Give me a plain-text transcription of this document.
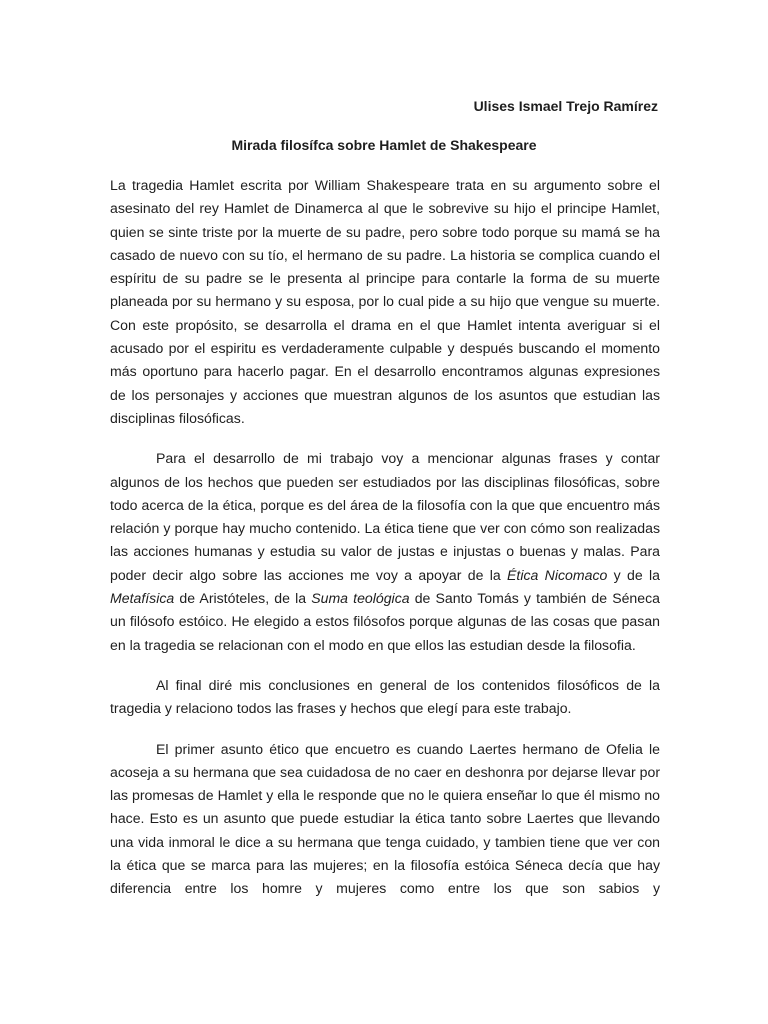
Ulises Ismael Trejo Ramírez

Mirada filosífca sobre Hamlet de Shakespeare

La tragedia Hamlet escrita por William Shakespeare trata en su argumento sobre el asesinato del rey Hamlet de Dinamerca al que le sobrevive su hijo el principe Hamlet, quien se sinte triste por la muerte de su padre, pero sobre todo porque su mamá se ha casado de nuevo con su tío, el hermano de su padre. La historia se complica cuando el espíritu de su padre se le presenta al principe para contarle la forma de su muerte planeada por su hermano y su esposa, por lo cual pide a su hijo que vengue su muerte. Con este propósito, se desarrolla el drama en el que Hamlet intenta averiguar si el acusado por el espiritu es verdaderamente culpable y después buscando el momento más oportuno para hacerlo pagar. En el desarrollo encontramos algunas expresiones de los personajes y acciones que muestran algunos de los asuntos que estudian las disciplinas filosóficas.

Para el desarrollo de mi trabajo voy a mencionar algunas frases y contar algunos de los hechos que pueden ser estudiados por las disciplinas filosóficas, sobre todo acerca de la ética, porque es del área de la filosofía con la que que encuentro más relación y porque hay mucho contenido. La ética tiene que ver con cómo son realizadas las acciones humanas y estudia su valor de justas e injustas o buenas y malas. Para poder decir algo sobre las acciones me voy a apoyar de la Ética Nicomaco y de la Metafísica de Aristóteles, de la Suma teológica de Santo Tomás y también de Séneca un filósofo estóico. He elegido a estos filósofos porque algunas de las cosas que pasan en la tragedia se relacionan con el modo en que ellos las estudian desde la filosofia.

Al final diré mis conclusiones en general de los contenidos filosóficos de la tragedia y relaciono todos las frases y hechos que elegí para este trabajo.

El primer asunto ético que encuetro es cuando Laertes hermano de Ofelia le acoseja a su hermana que sea cuidadosa de no caer en deshonra por dejarse llevar por las promesas de Hamlet y ella le responde que no le quiera enseñar lo que él mismo no hace. Esto es un asunto que puede estudiar la ética tanto sobre Laertes que llevando una vida inmoral le dice a su hermana que tenga cuidado, y tambien tiene que ver con la ética que se marca para las mujeres; en la filosofía estóica Séneca decía que hay diferencia entre los homre y mujeres como entre los que son sabios y
